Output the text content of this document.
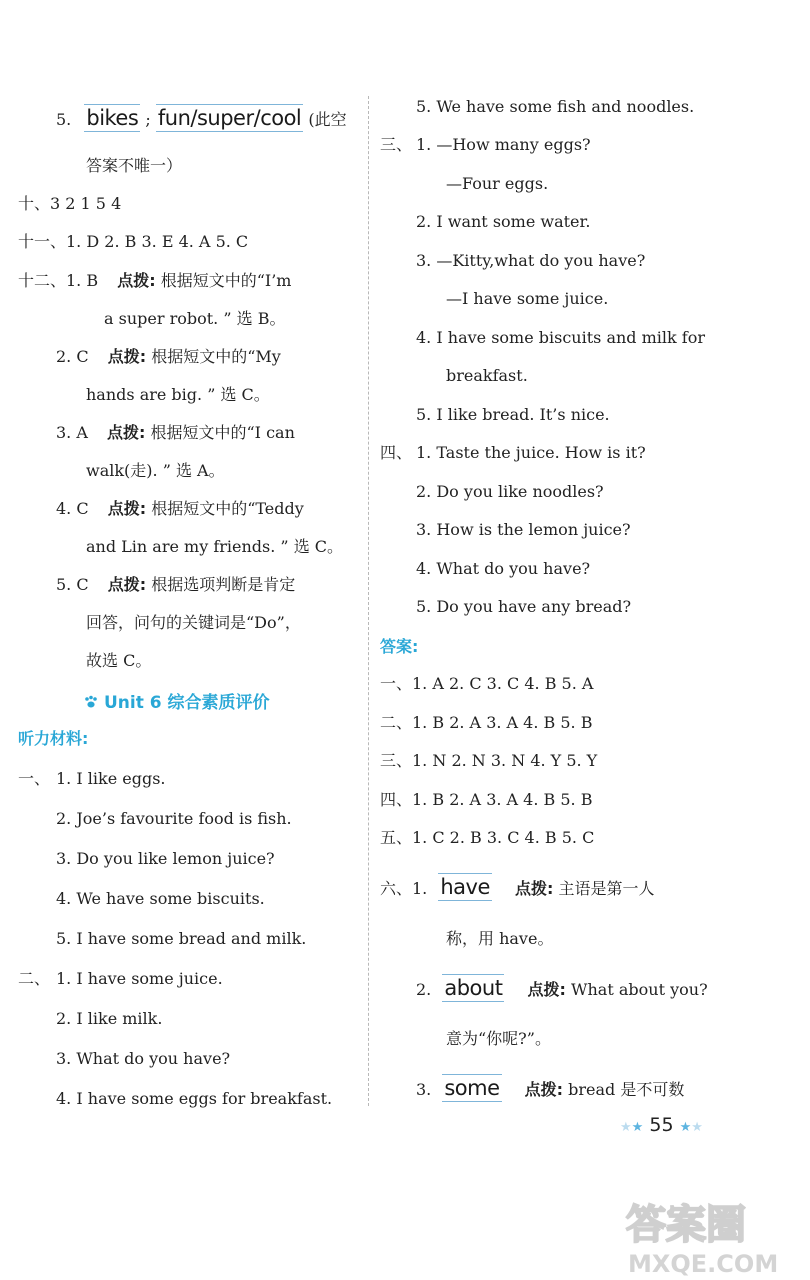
5. bikes ; fun/super/cool (此空
答案不唯一）
十、3 2 1 5 4
十一、1. D 2. B 3. E 4. A 5. C
十二、1. B 点拨: 根据短文中的“I’m
a super robot. ” 选 B。
2. C 点拨: 根据短文中的“My
hands are big. ” 选 C。
3. A 点拨: 根据短文中的“I can
walk(走). ” 选 A。
4. C 点拨: 根据短文中的“Teddy
and Lin are my friends. ” 选 C。
5. C 点拨: 根据选项判断是肯定
回答，问句的关键词是“Do”，
故选 C。
Unit 6 综合素质评价
听力材料:
一、 1. I like eggs.
2. Joe’s favourite food is fish.
3. Do you like lemon juice?
4. We have some biscuits.
5. I have some bread and milk.
二、 1. I have some juice.
2. I like milk.
3. What do you have?
4. I have some eggs for breakfast.
5. We have some fish and noodles.
三、 1. —How many eggs?
—Four eggs.
2. I want some water.
3. —Kitty,what do you have?
—I have some juice.
4. I have some biscuits and milk for
breakfast.
5. I like bread. It’s nice.
四、 1. Taste the juice. How is it?
2. Do you like noodles?
3. How is the lemon juice?
4. What do you have?
5. Do you have any bread?
答案:
一、1. A 2. C 3. C 4. B 5. A
二、1. B 2. A 3. A 4. B 5. B
三、1. N 2. N 3. N 4. Y 5. Y
四、1. B 2. A 3. A 4. B 5. B
五、1. C 2. B 3. C 4. B 5. C
六、1. have 点拨: 主语是第一人
称，用 have。
2. about 点拨: What about you?
意为“你呢?”。
3. some 点拨: bread 是不可数
★★ 55 ★★
答案圈
MXQE.COM
